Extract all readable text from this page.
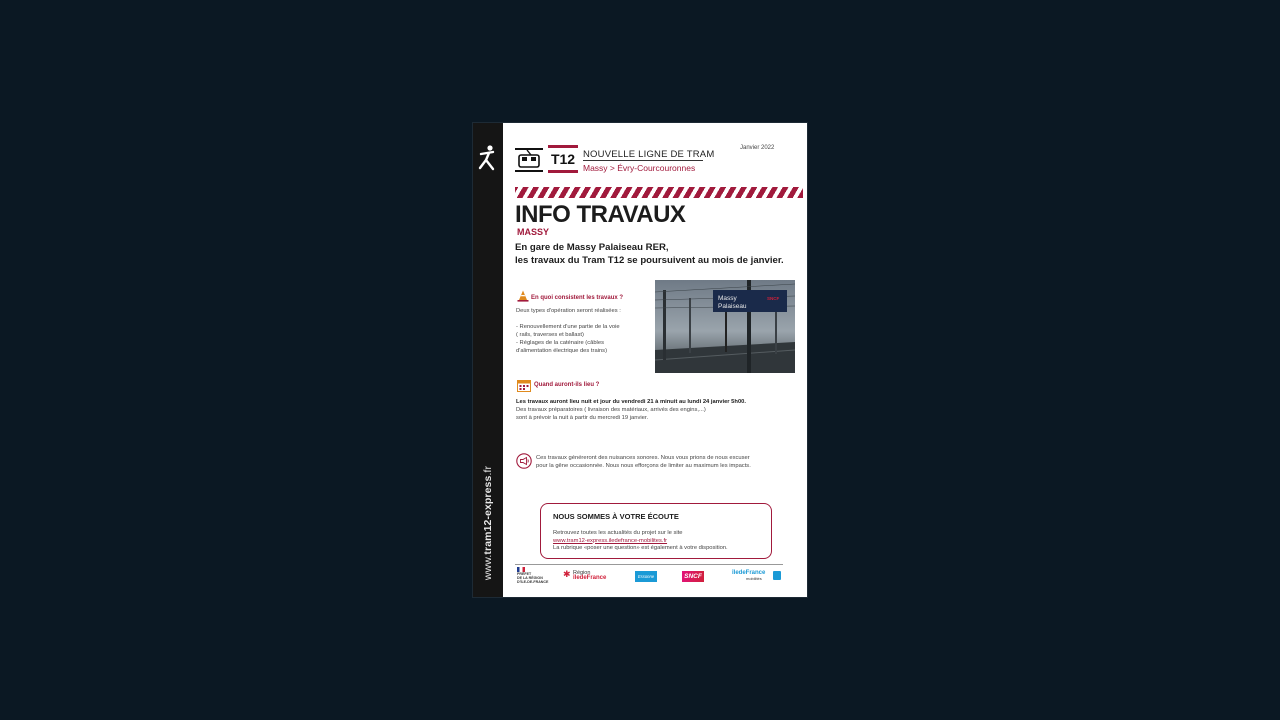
www.tram12-express.fr
T12 NOUVELLE LIGNE DE TRAM
Massy > Évry-Courcouronnes
Janvier 2022
INFO TRAVAUX
MASSY
En gare de Massy Palaiseau RER,
les travaux du Tram T12 se poursuivent au mois de janvier.
En quoi consistent les travaux ?
Deux types d'opération seront réalisées :
- Renouvellement d'une partie de la voie
( rails, traverses et ballast)
- Réglages de la caténaire (câbles
d'alimentation électrique des trains)
Massy
Palaiseau
SNCF
Quand auront-ils lieu ?
Les travaux auront lieu nuit et jour du vendredi 21 à minuit au lundi 24 janvier 5h00.
Des travaux préparatoires ( livraison des matériaux, arrivés des engins,...)
sont à prévoir la nuit à partir du mercredi 19 janvier.
Ces travaux généreront des nuisances sonores. Nous vous prions de nous excuser
pour la gêne occasionnée. Nous nous efforçons de limiter au maximum les impacts.
NOUS SOMMES À VOTRE ÉCOUTE
Retrouvez toutes les actualités du projet sur le site
www.tram12-express.iledefrance-mobilites.fr
La rubrique «poser une question» est également à votre disposition.
PRÉFET
DE LA RÉGION
D'ÎLE-DE-FRANCE
✱ Région
îledeFrance	Essonne	SNCF	îledeFrance
mobilités
